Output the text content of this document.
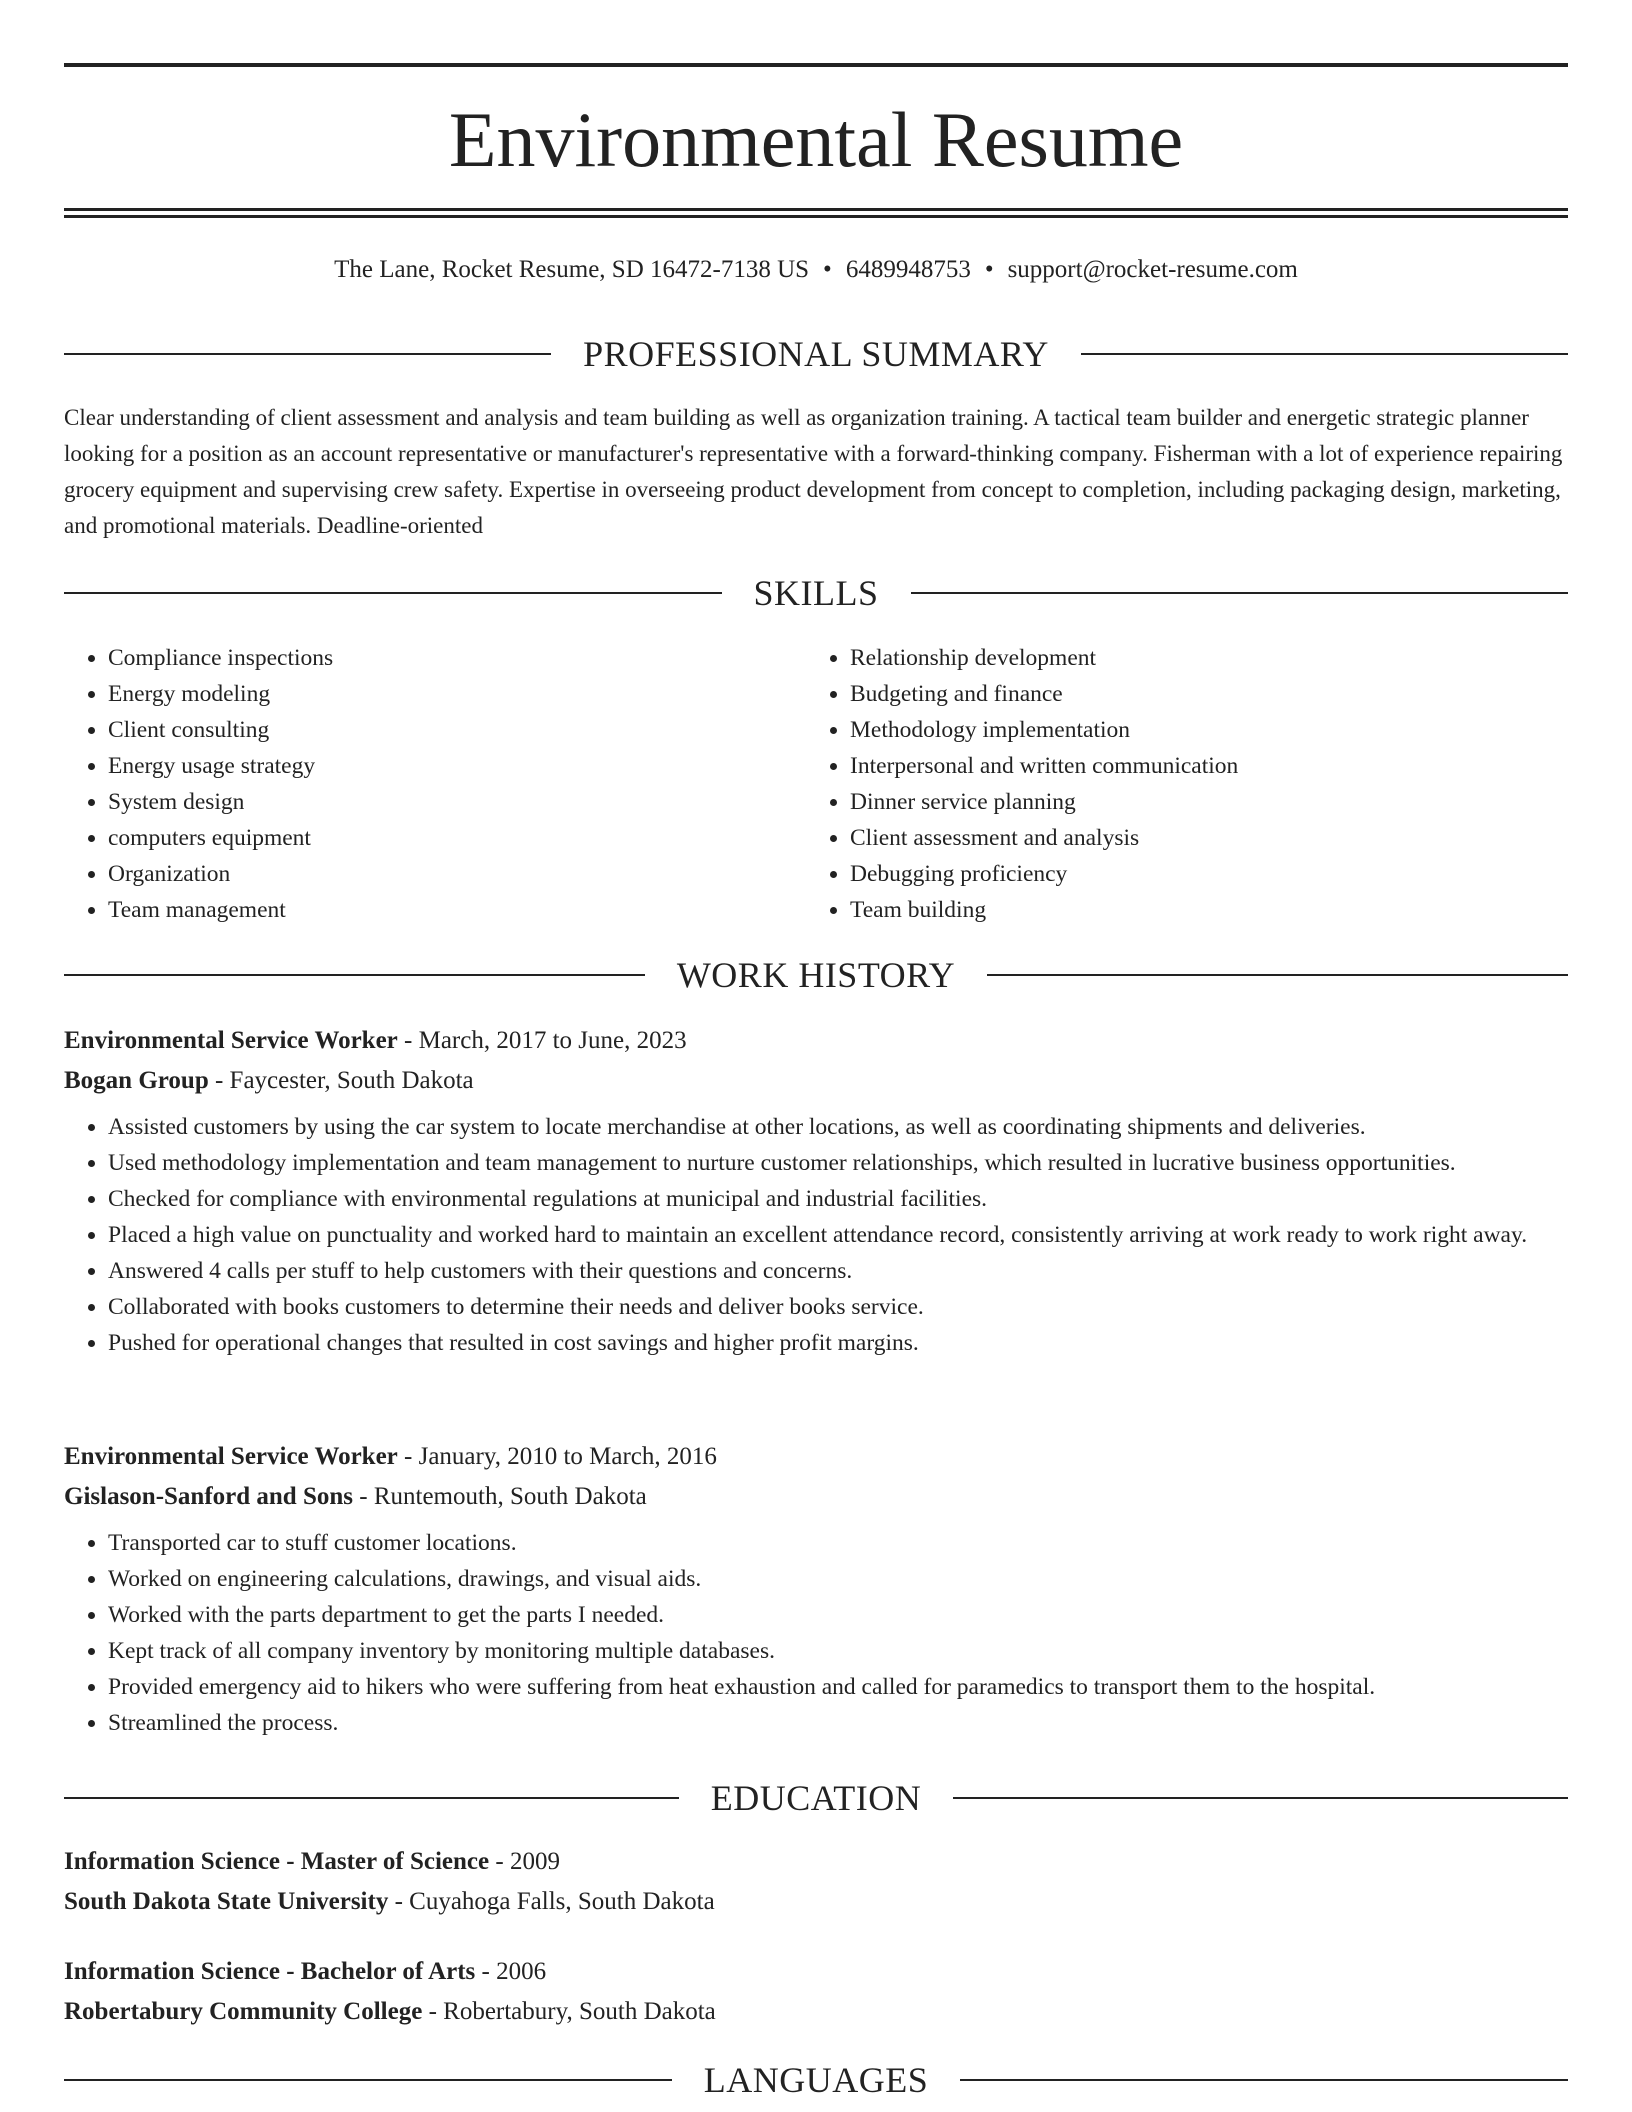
Environmental Resume
The Lane, Rocket Resume, SD 16472-7138 US • 6489948753 • support@rocket-resume.com
PROFESSIONAL SUMMARY

Clear understanding of client assessment and analysis and team building as well as organization training. A tactical team builder and energetic strategic planner looking for a position as an account representative or manufacturer's representative with a forward-thinking company. Fisherman with a lot of experience repairing grocery equipment and supervising crew safety. Expertise in overseeing product development from concept to completion, including packaging design, marketing, and promotional materials. Deadline-oriented

SKILLS
• Compliance inspections
• Energy modeling
• Client consulting
• Energy usage strategy
• System design
• computers equipment
• Organization
• Team management
• Relationship development
• Budgeting and finance
• Methodology implementation
• Interpersonal and written communication
• Dinner service planning
• Client assessment and analysis
• Debugging proficiency
• Team building
WORK HISTORY
Environmental Service Worker - March, 2017 to June, 2023
Bogan Group - Faycester, South Dakota
• Assisted customers by using the car system to locate merchandise at other locations, as well as coordinating shipments and deliveries.
• Used methodology implementation and team management to nurture customer relationships, which resulted in lucrative business opportunities.
• Checked for compliance with environmental regulations at municipal and industrial facilities.
• Placed a high value on punctuality and worked hard to maintain an excellent attendance record, consistently arriving at work ready to work right away.
• Answered 4 calls per stuff to help customers with their questions and concerns.
• Collaborated with books customers to determine their needs and deliver books service.
• Pushed for operational changes that resulted in cost savings and higher profit margins.
Environmental Service Worker - January, 2010 to March, 2016
Gislason-Sanford and Sons - Runtemouth, South Dakota
• Transported car to stuff customer locations.
• Worked on engineering calculations, drawings, and visual aids.
• Worked with the parts department to get the parts I needed.
• Kept track of all company inventory by monitoring multiple databases.
• Provided emergency aid to hikers who were suffering from heat exhaustion and called for paramedics to transport them to the hospital.
• Streamlined the process.
EDUCATION
Information Science - Master of Science - 2009
South Dakota State University - Cuyahoga Falls, South Dakota
Information Science - Bachelor of Arts - 2006
Robertabury Community College - Robertabury, South Dakota
LANGUAGES
